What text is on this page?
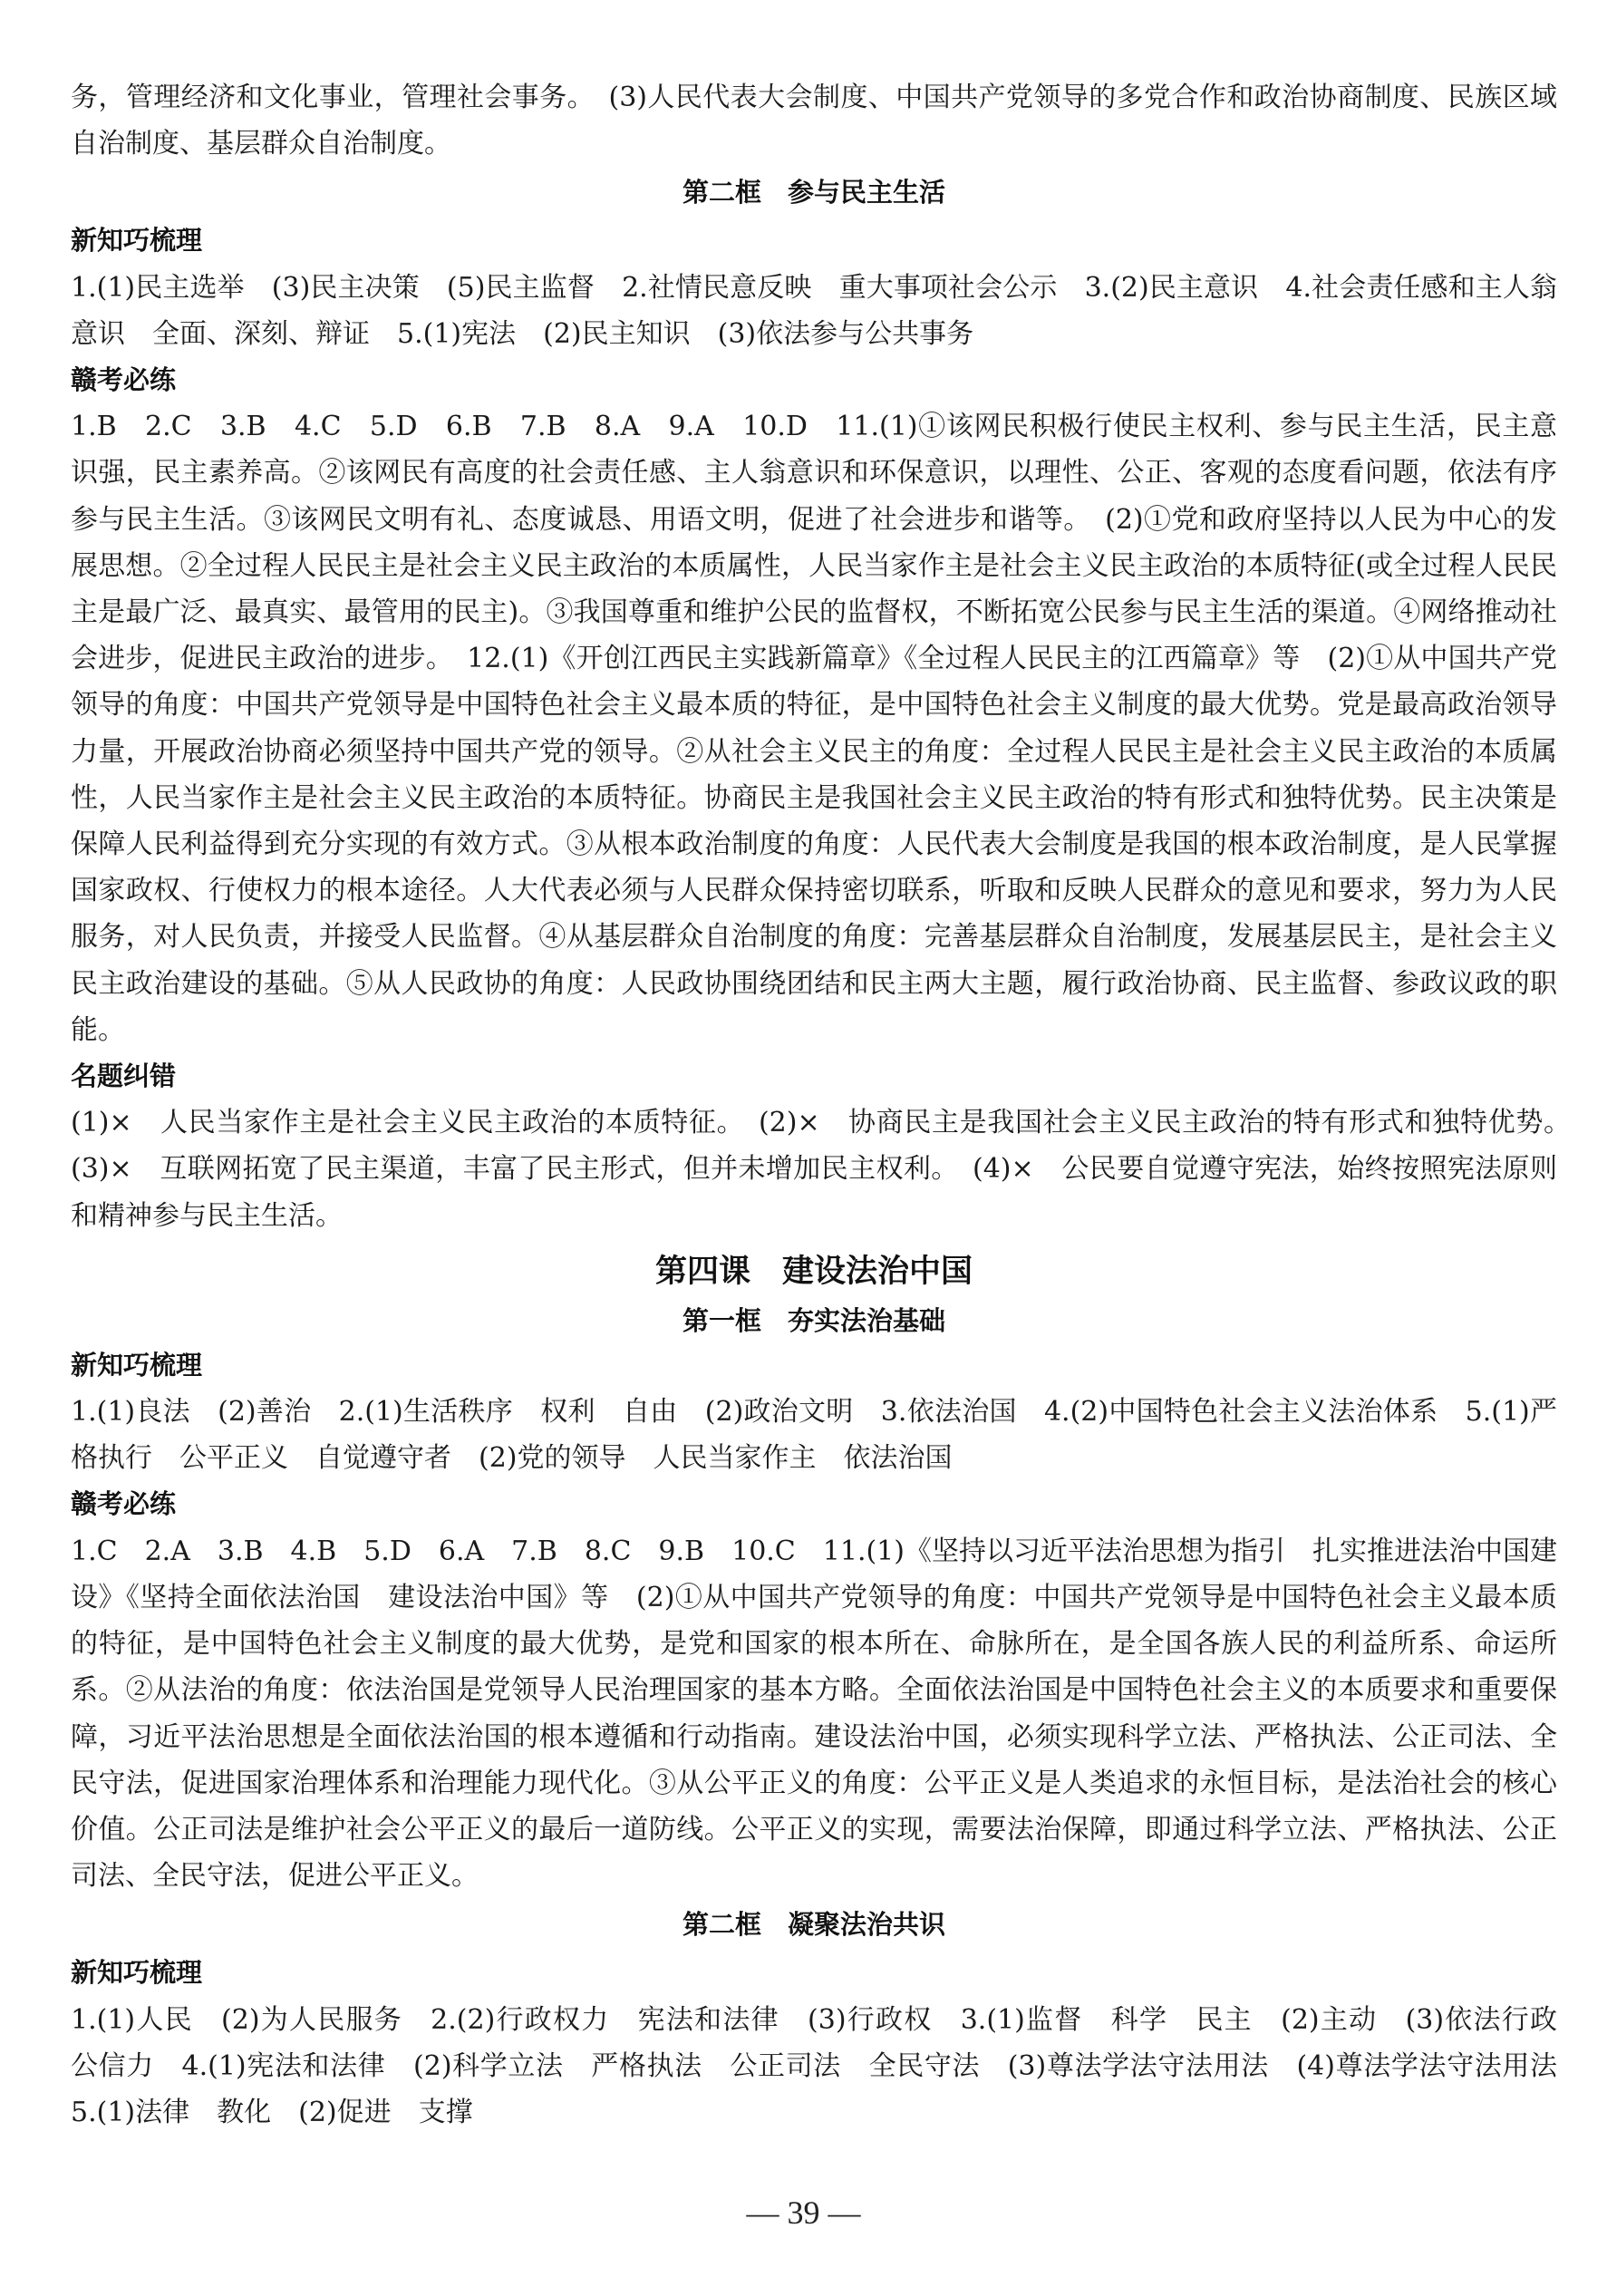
务，管理经济和文化事业，管理社会事务。　(3)人民代表大会制度、中国共产党领导的多党合作和政治协商制度、民族区域自治制度、基层群众自治制度。

第二框　参与民主生活
新知巧梳理

1.(1)民主选举　(3)民主决策　(5)民主监督　2.社情民意反映　重大事项社会公示　3.(2)民主意识　4.社会责任感和主人翁意识　全面、深刻、辩证　5.(1)宪法　(2)民主知识　(3)依法参与公共事务

赣考必练

1.B　2.C　3.B　4.C　5.D　6.B　7.B　8.A　9.A　10.D　11.(1)①该网民积极行使民主权利、参与民主生活，民主意识强，民主素养高。②该网民有高度的社会责任感、主人翁意识和环保意识，以理性、公正、客观的态度看问题，依法有序参与民主生活。③该网民文明有礼、态度诚恳、用语文明，促进了社会进步和谐等。　(2)①党和政府坚持以人民为中心的发展思想。②全过程人民民主是社会主义民主政治的本质属性，人民当家作主是社会主义民主政治的本质特征(或全过程人民民主是最广泛、最真实、最管用的民主)。③我国尊重和维护公民的监督权，不断拓宽公民参与民主生活的渠道。④网络推动社会进步，促进民主政治的进步。　12.(1)《开创江西民主实践新篇章》《全过程人民民主的江西篇章》等　(2)①从中国共产党领导的角度：中国共产党领导是中国特色社会主义最本质的特征，是中国特色社会主义制度的最大优势。党是最高政治领导力量，开展政治协商必须坚持中国共产党的领导。②从社会主义民主的角度：全过程人民民主是社会主义民主政治的本质属性，人民当家作主是社会主义民主政治的本质特征。协商民主是我国社会主义民主政治的特有形式和独特优势。民主决策是保障人民利益得到充分实现的有效方式。③从根本政治制度的角度：人民代表大会制度是我国的根本政治制度，是人民掌握国家政权、行使权力的根本途径。人大代表必须与人民群众保持密切联系，听取和反映人民群众的意见和要求，努力为人民服务，对人民负责，并接受人民监督。④从基层群众自治制度的角度：完善基层群众自治制度，发展基层民主，是社会主义民主政治建设的基础。⑤从人民政协的角度：人民政协围绕团结和民主两大主题，履行政治协商、民主监督、参政议政的职能。

名题纠错

(1)×　人民当家作主是社会主义民主政治的本质特征。　(2)×　协商民主是我国社会主义民主政治的特有形式和独特优势。　(3)×　互联网拓宽了民主渠道，丰富了民主形式，但并未增加民主权利。　(4)×　公民要自觉遵守宪法，始终按照宪法原则和精神参与民主生活。

第四课　建设法治中国
第一框　夯实法治基础
新知巧梳理

1.(1)良法　(2)善治　2.(1)生活秩序　权利　自由　(2)政治文明　3.依法治国　4.(2)中国特色社会主义法治体系　5.(1)严格执行　公平正义　自觉遵守者　(2)党的领导　人民当家作主　依法治国

赣考必练

1.C　2.A　3.B　4.B　5.D　6.A　7.B　8.C　9.B　10.C　11.(1)《坚持以习近平法治思想为指引　扎实推进法治中国建设》《坚持全面依法治国　建设法治中国》等　(2)①从中国共产党领导的角度：中国共产党领导是中国特色社会主义最本质的特征，是中国特色社会主义制度的最大优势，是党和国家的根本所在、命脉所在，是全国各族人民的利益所系、命运所系。②从法治的角度：依法治国是党领导人民治理国家的基本方略。全面依法治国是中国特色社会主义的本质要求和重要保障，习近平法治思想是全面依法治国的根本遵循和行动指南。建设法治中国，必须实现科学立法、严格执法、公正司法、全民守法，促进国家治理体系和治理能力现代化。③从公平正义的角度：公平正义是人类追求的永恒目标，是法治社会的核心价值。公正司法是维护社会公平正义的最后一道防线。公平正义的实现，需要法治保障，即通过科学立法、严格执法、公正司法、全民守法，促进公平正义。

第二框　凝聚法治共识
新知巧梳理

1.(1)人民　(2)为人民服务　2.(2)行政权力　宪法和法律　(3)行政权　3.(1)监督　科学　民主　(2)主动　(3)依法行政　公信力　4.(1)宪法和法律　(2)科学立法　严格执法　公正司法　全民守法　(3)尊法学法守法用法　(4)尊法学法守法用法　5.(1)法律　教化　(2)促进　支撑

— 39 —
